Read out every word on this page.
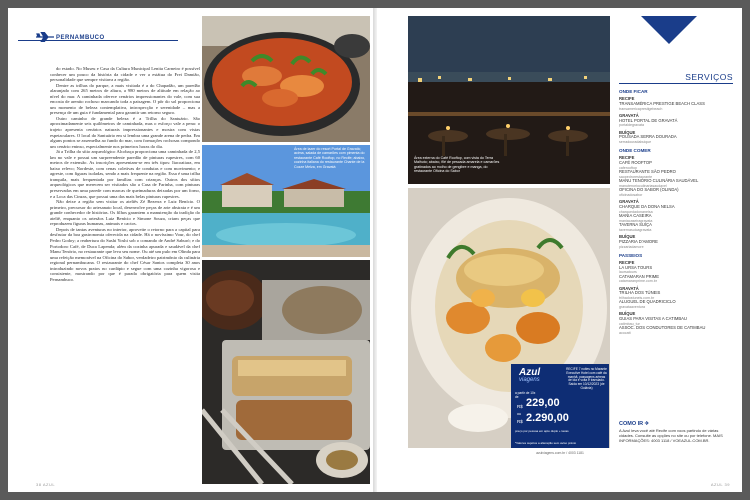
PERNAMBUCO

do estado. No Museu e Casa da Cultura Municipal Lenita Carneiro é possível conhecer um pouco da história da cidade e ver a estátua do Frei Damião, personalidade que sempre visitava a região.

Dentre as trilhas do parque, a mais visitada é a do Chapadão, um paredão alaranjado com 265 metros de altura, a 980 metros de altitude em relação ao nível do mar. A caminhada oferece cenários impressionantes do vale, com sua encosta de arenito rochoso marcando toda a paisagem. O pôr do sol proporciona um momento de beleza contemplativa, introspecção e serenidade – mas a presença de um guia é fundamental para garantir um retorno seguro.

Outro caminho de grande beleza é a Trilha do Santuário. São aproximadamente seis quilômetros de caminhada, mas o esforço vale a pena: o trajeto apresenta cenários naturais impressionantes e mostra com vistas espetaculares. O local do Santuário em si lembra uma grande arena de pedra. Em alguns pontos se assemelha ao fundo do mar, com formações rochosas compondo um cenário eninso, especialmente nos primeiros horas do dia.

Já a Trilha do sítio arqueológico Alcobaça proporciona uma caminhada de 2,5 km no vale e possui um surpreendente paredão de pinturas rupestres, com 60 metros de extensão. As inscrições apresentam-se em três tipos: Itacoatiara, em baixo relevo; Nordeste, com cenas coletivas de condutas e com movimento; e agreste, com figuras isoladas, sendo a mais frequente na região. Essa é uma trilha tranquila, mais frequentada por famílias com crianças. Outros dos sítios arqueológicos que merecem ser visitados são a Casa de Farinha, com pinturas preservadas em uma parede com marcas de queimaduras deixadas por um forno, e a Loca das Cinzas, que possui uma das mais belas pinturas rupestres.

Não deixe a região sem visitar os ateliês Zé Bezerra e Luiz Benício. O primeiro, precursor do artesanato local, desenvolve peças de arte abstrata e é um grande conhecedor de histórias. Os filhos garantem a manutenção da tradição do ateliê, enquanto os artesãos Luiz Benício e Simone Souza, criam peças que reproduzem figuras humanas, animais e cactos.

Depois de tantas aventuras no interior, aproveite o retorno para a capital para desfrutar da boa gastronomia oferecida na cidade. Há o novíssimo Vour, do chef Pedro Godoy; a reabertura do Sushi Yoshi sob o comando de André Saburó; e do Portodoro Café, de Duca Lapenda; além da cozinha apurada e saudável da chef Manu Tenório, no restaurante que leva seu nome. Ou até um pulo em Olinda para uma refeição memorável na Oficina do Sabor, verdadeiro patrimônio da culinária regional pernambucana. O restaurante do chef César Santos completa 30 anos introduzindo novos pratos no cardápio e segue com uma cozinha vigorosa e consistente, mostrando por que é parada obrigatória para quem visita Pernambuco.

Área de lazer do resort Portal de Gravatá; acima, salada de camarões com pimenta do restaurante Café Rooftop, no Recife; abaixo, cozinha italiana do restaurante Chante de la Cozze Melza, em Gravatá
38 AZUL
Área externa do Café Rooftop, com vista do Terra Malhuto; abaixo, filé de pescada amarela e camarões gratinados ao molho de gengibre e manga, do restaurante Oficina do Sabor
Azul
viagens
a partir de 10x de
R$ 229,00
ou
R$ 2.290,00
preço por pessoa em apto duplo + taxas
RECIFE 7 noites no Marante Executive Hotel com café da manhã, passagens aéreas de ida e volta e translado. Saída em 10/12/2023 (de Goiânia)
*Valores sujeitos a alteração sem aviso prévio
azulviagens.com.br / 4003 1181
SERVIÇOS
ONDE FICAR
RECIFE
TRANSAMÉRICA PRESTIGE BEACH CLASS
transamericaprestigebeach
GRAVATÁ
HOTEL PORTAL DE GRAVATÁ
portaldegravata
BUÍQUE
POUSADA SERRA DOURADA
serradouradabuique
ONDE COMER
RECIFE
CAFÉ ROOFTOP
caferooftop
RESTAURANTE SÃO PEDRO
saopedrorestaurante
MANU TENÓRIO CULINÁRIA SAUDÁVEL
manutenorioculinariasaudavel
OFICINA DO SABOR (OLINDA)
oficinadosabor
GRAVATÁ
CHARQUE DA DONA NELSA
charquedadonanelsa
MANIA CASEIRA
maniacaseiragravata
TAVERNA SUÍÇA
tavernasuicagravata
BUÍQUE
PIZZARIA D'AMORE
pizzariadamore
PASSEIOS
RECIFE
LA URSA TOURS
laursatours
CATAMARAN PRIME
catamaranprime.com.br
GRAVATÁ
TRILHA DOS TÚNEIS
trilhadostuneis.com.br
ALUGUEL DE QUADRICICLO
gravataaventura
BUÍQUE
GUIAS PARA VISITAS A CATIMBAU
catimbau_tur
ASSOC. DOS CONDUTORES DE CATIMBAU
acocatt
COMO IR ✈
A Azul leva você até Recife com voos partindo de várias cidades. Consulte as opções no site ou por telefone. MAIS INFORMAÇÕES: 4003 1118 / VOEAZUL.COM.BR.
AZUL 39
